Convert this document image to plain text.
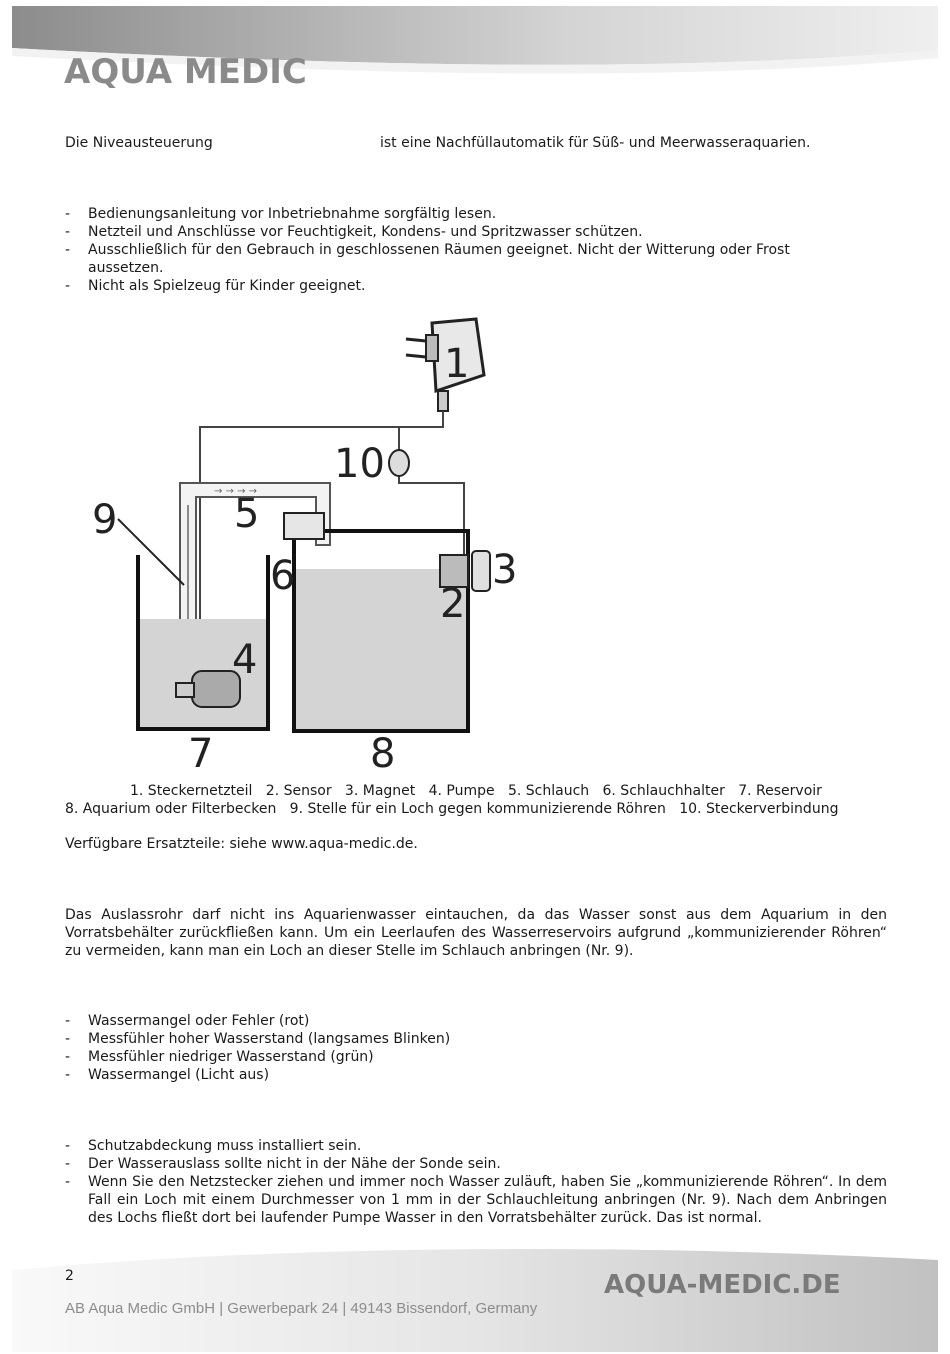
AQUA MEDIC
Die Niveausteuerung	ist eine Nachfüllautomatik für Süß- und Meerwasseraquarien.
- Bedienungsanleitung vor Inbetriebnahme sorgfältig lesen.
- Netzteil und Anschlüsse vor Feuchtigkeit, Kondens- und Spritzwasser schützen.
- Ausschließlich für den Gebrauch in geschlossenen Räumen geeignet. Nicht der Witterung oder Frost aussetzen.
- Nicht als Spielzeug für Kinder geeignet.
→ → → →
1
2
3
4
5
6
7	8
9
10
1. Steckernetzteil   2. Sensor   3. Magnet   4. Pumpe   5. Schlauch   6. Schlauchhalter   7. Reservoir
8. Aquarium oder Filterbecken   9. Stelle für ein Loch gegen kommunizierende Röhren   10. Steckerverbindung
Verfügbare Ersatzteile: siehe www.aqua-medic.de.
Das Auslassrohr darf nicht ins Aquarienwasser eintauchen, da das Wasser sonst aus dem Aquarium in den Vorratsbehälter zurückfließen kann. Um ein Leerlaufen des Wasserreservoirs aufgrund „kommunizierender Röhren“ zu vermeiden, kann man ein Loch an dieser Stelle im Schlauch anbringen (Nr. 9).
- Wassermangel oder Fehler (rot)
- Messfühler hoher Wasserstand (langsames Blinken)
- Messfühler niedriger Wasserstand (grün)
- Wassermangel (Licht aus)
- Schutzabdeckung muss installiert sein.
- Der Wasserauslass sollte nicht in der Nähe der Sonde sein.
- Wenn Sie den Netzstecker ziehen und immer noch Wasser zuläuft, haben Sie „kommunizierende Röhren“. In dem Fall ein Loch mit einem Durchmesser von 1 mm in der Schlauchleitung anbringen (Nr. 9). Nach dem Anbringen des Lochs fließt dort bei laufender Pumpe Wasser in den Vorratsbehälter zurück. Das ist normal.
2	AQUA-MEDIC.DE
AB Aqua Medic GmbH | Gewerbepark 24 | 49143 Bissendorf, Germany
